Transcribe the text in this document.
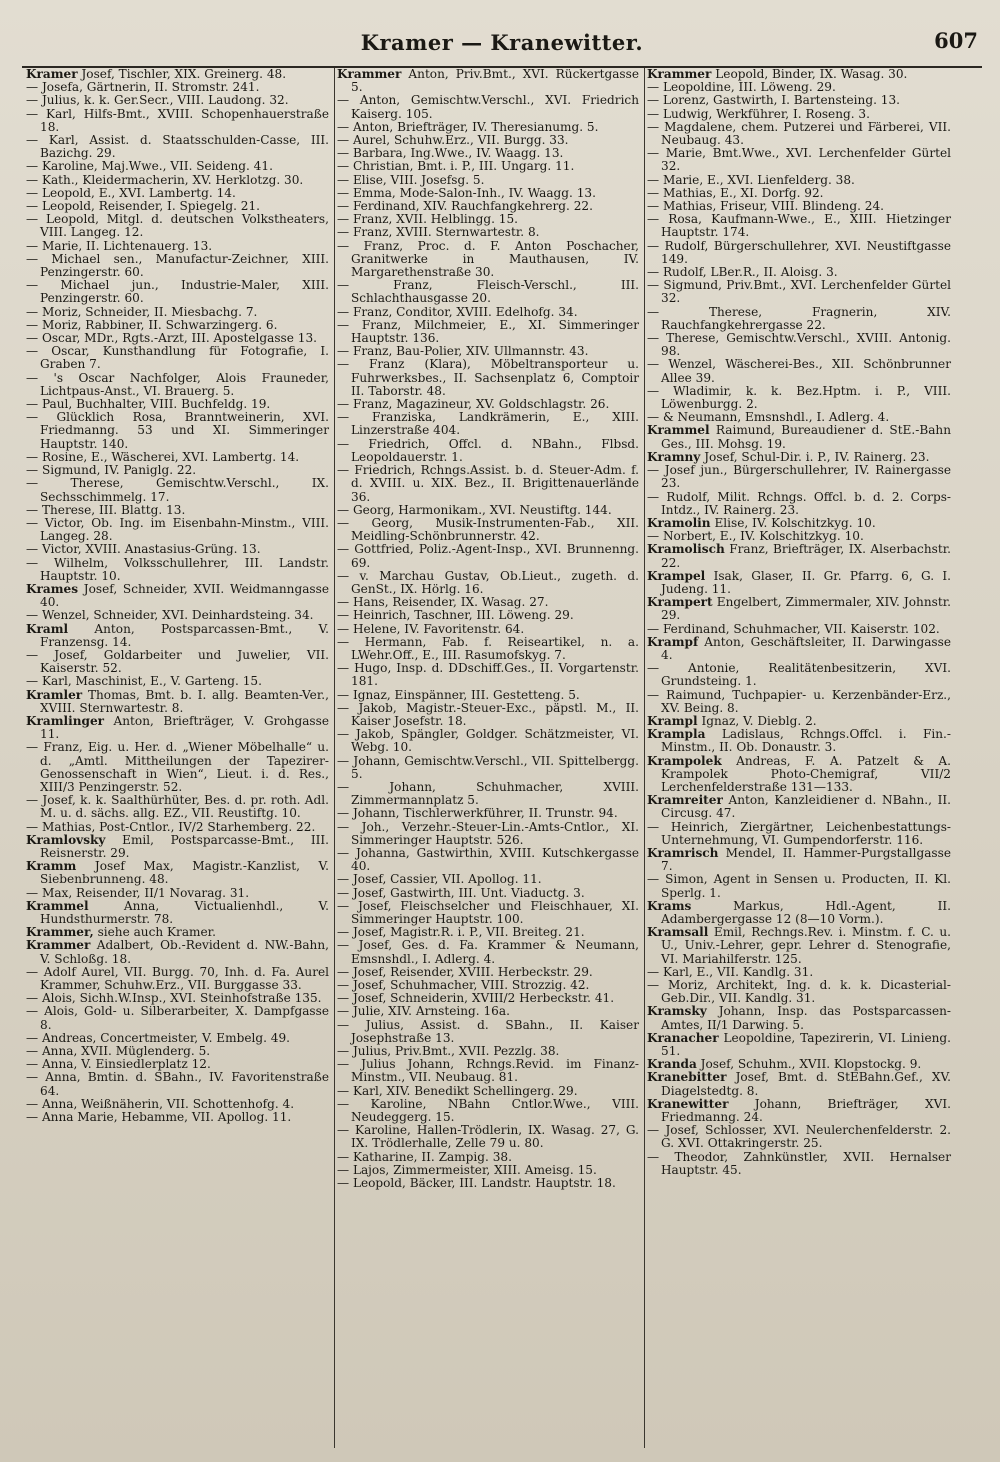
Kramer — Kranewitter.	607

Kramer Josef, Tischler, XIX. Greinerg. 48.

— Josefa, Gärtnerin, II. Stromstr. 241.

— Julius, k. k. Ger.Secr., VIII. Laudong. 32.

— Karl, Hilfs-Bmt., XVIII. Schopenhauerstraße 18.

— Karl, Assist. d. Staatsschulden-Casse, III. Bazichg. 29.

— Karoline, Maj.Wwe., VII. Seideng. 41.

— Kath., Kleidermacherin, XV. Herklotzg. 30.

— Leopold, E., XVI. Lambertg. 14.

— Leopold, Reisender, I. Spiegelg. 21.

— Leopold, Mitgl. d. deutschen Volkstheaters, VIII. Langeg. 12.

— Marie, II. Lichtenauerg. 13.

— Michael sen., Manufactur-Zeichner, XIII. Penzingerstr. 60.

— Michael jun., Industrie-Maler, XIII. Penzingerstr. 60.

— Moriz, Schneider, II. Miesbachg. 7.

— Moriz, Rabbiner, II. Schwarzingerg. 6.

— Oscar, MDr., Rgts.-Arzt, III. Apostelgasse 13.

— Oscar, Kunsthandlung für Fotografie, I. Graben 7.

— 's Oscar Nachfolger, Alois Frauneder, Lichtpaus-Anst., VI. Brauerg. 5.

— Paul, Buchhalter, VIII. Buchfeldg. 19.

— Glücklich Rosa, Branntweinerin, XVI. Friedmanng. 53 und XI. Simmeringer Hauptstr. 140.

— Rosine, E., Wäscherei, XVI. Lambertg. 14.

— Sigmund, IV. Paniglg. 22.

— Therese, Gemischtw.Verschl., IX. Sechsschimmelg. 17.

— Therese, III. Blattg. 13.

— Victor, Ob. Ing. im Eisenbahn-Minstm., VIII. Langeg. 28.

— Victor, XVIII. Anastasius-Grüng. 13.

— Wilhelm, Volksschullehrer, III. Landstr. Hauptstr. 10.

Krames Josef, Schneider, XVII. Weidmanngasse 40.

— Wenzel, Schneider, XVI. Deinhardsteing. 34.

Kraml Anton, Postsparcassen-Bmt., V. Franzensg. 14.

— Josef, Goldarbeiter und Juwelier, VII. Kaiserstr. 52.

— Karl, Maschinist, E., V. Garteng. 15.

Kramler Thomas, Bmt. b. I. allg. Beamten-Ver., XVIII. Sternwartestr. 8.

Kramlinger Anton, Briefträger, V. Grohgasse 11.

— Franz, Eig. u. Her. d. „Wiener Möbelhalle“ u. d. „Amtl. Mittheilungen der Tapezirer-Genossenschaft in Wien“, Lieut. i. d. Res., XIII/3 Penzingerstr. 52.

— Josef, k. k. Saalthürhüter, Bes. d. pr. roth. Adl. M. u. d. sächs. allg. EZ., VII. Reustiftg. 10.

— Mathias, Post-Cntlor., IV/2 Starhemberg. 22.

Kramlovsky Emil, Postsparcasse-Bmt., III. Reisnerstr. 29.

Kramm Josef Max, Magistr.-Kanzlist, V. Siebenbrunneng. 48.

— Max, Reisender, II/1 Novarag. 31.

Krammel	Anna, Victualienhdl., V. Hundsthurmerstr. 78.

Krammer, siehe auch Kramer.

Krammer Adalbert, Ob.-Revident d. NW.-Bahn, V. Schloßg. 18.

— Adolf Aurel, VII. Burgg. 70, Inh. d. Fa. Aurel Krammer, Schuhw.Erz., VII. Burggasse 33.

— Alois, Sichh.W.Insp., XVI. Steinhofstraße 135.

— Alois, Gold- u. Silberarbeiter, X. Dampfgasse 8.

— Andreas, Concertmeister, V. Embelg. 49.

— Anna, XVII. Müglenderg. 5.

— Anna, V. Einsiedlerplatz 12.

— Anna, Bmtin. d. SBahn., IV. Favoritenstraße 64.

— Anna, Weißnäherin, VII. Schottenhofg. 4.

— Anna Marie, Hebamme, VII. Apollog. 11.

Krammer Anton, Priv.Bmt., XVI. Rückertgasse 5.

— Anton, Gemischtw.Verschl., XVI. Friedrich Kaiserg. 105.

— Anton, Briefträger, IV. Theresianumg. 5.

— Aurel, Schuhw.Erz., VII. Burgg. 33.

— Barbara, Ing.Wwe., IV. Waagg. 13.

— Christian, Bmt. i. P., III. Ungarg. 11.

— Elise, VIII. Josefsg. 5.

— Emma, Mode-Salon-Inh., IV. Waagg. 13.

— Ferdinand, XIV. Rauchfangkehrerg. 22.

— Franz, XVII. Helblingg. 15.

— Franz, XVIII. Sternwartestr. 8.

— Franz, Proc. d. F. Anton Poschacher, Granitwerke in Mauthausen, IV. Margarethenstraße 30.

— Franz, Fleisch-Verschl., III. Schlachthausgasse 20.

— Franz, Conditor, XVIII. Edelhofg. 34.

— Franz, Milchmeier, E., XI. Simmeringer Hauptstr. 136.

— Franz, Bau-Polier, XIV. Ullmannstr. 43.

— Franz (Klara), Möbeltransporteur u. Fuhrwerksbes., II. Sachsenplatz 6, Comptoir II. Taborstr. 48.

— Franz, Magazineur, XV. Goldschlagstr. 26.

— Franziska, Landkrämerin, E., XIII. Linzerstraße 404.

— Friedrich, Offcl. d. NBahn., Flbsd. Leopoldauerstr. 1.

— Friedrich, Rchngs.Assist. b. d. Steuer-Adm. f. d. XVIII. u. XIX. Bez., II. Brigittenauerlände 36.

— Georg, Harmonikam., XVI. Neustiftg. 144.

— Georg, Musik-Instrumenten-Fab., XII. Meidling-Schönbrunnerstr. 42.

— Gottfried, Poliz.-Agent-Insp., XVI. Brunnenng. 69.

— v. Marchau Gustav, Ob.Lieut., zugeth. d. GenSt., IX. Hörlg. 16.

— Hans, Reisender, IX. Wasag. 27.

— Heinrich, Taschner, III. Löweng. 29.

— Helene, IV. Favoritenstr. 64.

— Hermann, Fab. f. Reiseartikel, n. a. LWehr.Off., E., III. Rasumofskyg. 7.

— Hugo, Insp. d. DDschiff.Ges., II. Vorgartenstr. 181.

— Ignaz, Einspänner, III. Gestetteng. 5.

— Jakob, Magistr.-Steuer-Exc., päpstl. M., II. Kaiser Josefstr. 18.

— Jakob, Spängler, Goldger. Schätzmeister, VI. Webg. 10.

— Johann, Gemischtw.Verschl., VII. Spittelbergg. 5.

— Johann, Schuhmacher, XVIII. Zimmermannplatz 5.

— Johann, Tischlerwerkführer, II. Trunstr. 94.

— Joh., Verzehr.-Steuer-Lin.-Amts-Cntlor., XI. Simmeringer Hauptstr. 526.

— Johanna, Gastwirthin, XVIII. Kutschkergasse 40.

— Josef, Cassier, VII. Apollog. 11.

— Josef, Gastwirth, III. Unt. Viaductg. 3.

— Josef, Fleischselcher und Fleischhauer, XI. Simmeringer Hauptstr. 100.

— Josef, Magistr.R. i. P., VII. Breiteg. 21.

— Josef, Ges. d. Fa. Krammer & Neumann, Emsnshdl., I. Adlerg. 4.

— Josef, Reisender, XVIII. Herbeckstr. 29.

— Josef, Schuhmacher, VIII. Strozzig. 42.

— Josef, Schneiderin, XVIII/2 Herbeckstr. 41.

— Julie, XIV. Arnsteing. 16a.

— Julius, Assist. d. SBahn., II. Kaiser Josephstraße 13.

— Julius, Priv.Bmt., XVII. Pezzlg. 38.

— Julius Johann, Rchngs.Revid. im Finanz-Minstm., VII. Neubaug. 81.

— Karl, XIV. Benedikt Schellingerg. 29.

— Karoline, NBahn Cntlor.Wwe., VIII. Neudeggerg. 15.

— Karoline, Hallen-Trödlerin, IX. Wasag. 27, G. IX. Trödlerhalle, Zelle 79 u. 80.

— Katharine, II. Zampig. 38.

— Lajos, Zimmermeister, XIII. Ameisg. 15.

— Leopold, Bäcker, III. Landstr. Hauptstr. 18.

Krammer Leopold, Binder, IX. Wasag. 30.

— Leopoldine, III. Löweng. 29.

— Lorenz, Gastwirth, I. Bartensteing. 13.

— Ludwig, Werkführer, I. Roseng. 3.

— Magdalene, chem. Putzerei und Färberei, VII. Neubaug. 43.

— Marie, Bmt.Wwe., XVI. Lerchenfelder Gürtel 32.

— Marie, E., XVI. Lienfelderg. 38.

— Mathias, E., XI. Dorfg. 92.

— Mathias, Friseur, VIII. Blindeng. 24.

— Rosa, Kaufmann-Wwe., E., XIII. Hietzinger Hauptstr. 174.

— Rudolf, Bürgerschullehrer, XVI. Neustiftgasse 149.

— Rudolf, LBer.R., II. Aloisg. 3.

— Sigmund, Priv.Bmt., XVI. Lerchenfelder Gürtel 32.

— Therese, Fragnerin, XIV. Rauchfangkehrergasse 22.

— Therese, Gemischtw.Verschl., XVIII. Antonig. 98.

— Wenzel, Wäscherei-Bes., XII. Schönbrunner Allee 39.

— Wladimir, k. k. Bez.Hptm. i. P., VIII. Löwenburgg. 2.

— & Neumann, Emsnshdl., I. Adlerg. 4.

Krammel Raimund, Bureaudiener d. StE.-Bahn Ges., III. Mohsg. 19.

Kramny Josef, Schul-Dir. i. P., IV. Rainerg. 23.

— Josef jun., Bürgerschullehrer, IV. Rainergasse 23.

— Rudolf, Milit. Rchngs. Offcl. b. d. 2. Corps-Intdz., IV. Rainerg. 23.

Kramolin Elise, IV. Kolschitzkyg. 10.

— Norbert, E., IV. Kolschitzkyg. 10.

Kramolisch Franz, Briefträger, IX. Alserbachstr. 22.

Krampel Isak, Glaser, II. Gr. Pfarrg. 6, G. I. Judeng. 11.

Krampert Engelbert, Zimmermaler, XIV. Johnstr. 29.

— Ferdinand, Schuhmacher, VII. Kaiserstr. 102.

Krampf Anton, Geschäftsleiter, II. Darwingasse 4.

— Antonie, Realitätenbesitzerin, XVI. Grundsteing. 1.

— Raimund, Tuchpapier- u. Kerzenbänder-Erz., XV. Being. 8.

Krampl Ignaz, V. Dieblg. 2.

Krampla Ladislaus, Rchngs.Offcl. i. Fin.-Minstm., II. Ob. Donaustr. 3.

Krampolek Andreas, F. A. Patzelt & A. Krampolek Photo-Chemigraf, VII/2 Lerchenfelderstraße 131—133.

Kramreiter Anton, Kanzleidiener d. NBahn., II. Circusg. 47.

— Heinrich, Ziergärtner, Leichenbestattungs-Unternehmung, VI. Gumpendorferstr. 116.

Kramrisch Mendel, II. Hammer-Purgstallgasse 7.

— Simon, Agent in Sensen u. Producten, II. Kl. Sperlg. 1.

Krams	Markus, Hdl.-Agent, II. Adambergergasse 12 (8—10 Vorm.).

Kramsall Emil, Rechngs.Rev. i. Minstm. f. C. u. U., Univ.-Lehrer, gepr. Lehrer d. Stenografie, VI. Mariahilferstr. 125.

— Karl, E., VII. Kandlg. 31.

— Moriz, Architekt, Ing. d. k. k. Dicasterial-Geb.Dir., VII. Kandlg. 31.

Kramsky Johann, Insp. das Postsparcassen-Amtes, II/1 Darwing. 5.

Kranacher Leopoldine, Tapezirerin, VI. Linieng. 51.

Kranda Josef, Schuhm., XVII. Klopstockg. 9.

Kranebitter Josef, Bmt. d. StEBahn.Gef., XV. Diagelstedtg. 8.

Kranewitter Johann, Briefträger, XVI. Friedmanng. 24.

— Josef, Schlosser, XVI. Neulerchenfelderstr. 2. G. XVI. Ottakringerstr. 25.

— Theodor, Zahnkünstler, XVII. Hernalser Hauptstr. 45.
